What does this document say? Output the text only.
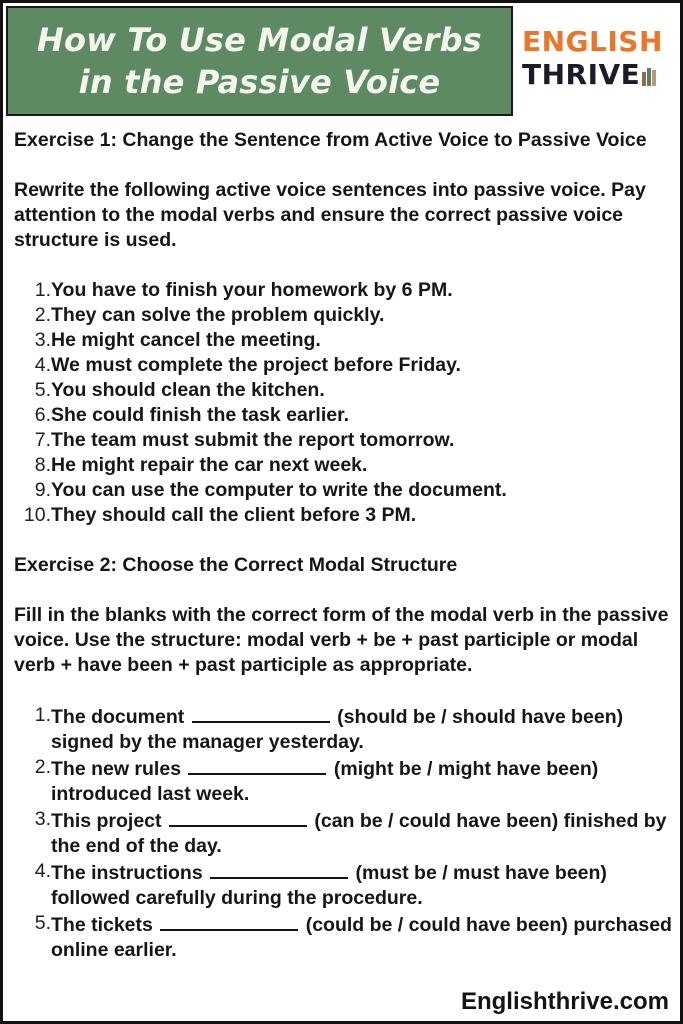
How To Use Modal Verbs
in the Passive Voice
ENGLISH
THRIVE

Exercise 1: Change the Sentence from Active Voice to Passive Voice

Rewrite the following active voice sentences into passive voice. Pay attention to the modal verbs and ensure the correct passive voice structure is used.

1. You have to finish your homework by 6 PM.
2. They can solve the problem quickly.
3. He might cancel the meeting.
4. We must complete the project before Friday.
5. You should clean the kitchen.
6. She could finish the task earlier.
7. The team must submit the report tomorrow.
8. He might repair the car next week.
9. You can use the computer to write the document.
10. They should call the client before 3 PM.

Exercise 2: Choose the Correct Modal Structure

Fill in the blanks with the correct form of the modal verb in the passive voice. Use the structure: modal verb + be + past participle or modal verb + have been + past participle as appropriate.

1. The document	(should be / should have been) signed by the manager yesterday.
2. The new rules	(might be / might have been) introduced last week.
3. This project	(can be / could have been) finished by the end of the day.
4. The instructions	(must be / must have been) followed carefully during the procedure.
5. The tickets	(could be / could have been) purchased online earlier.
Englishthrive.com
